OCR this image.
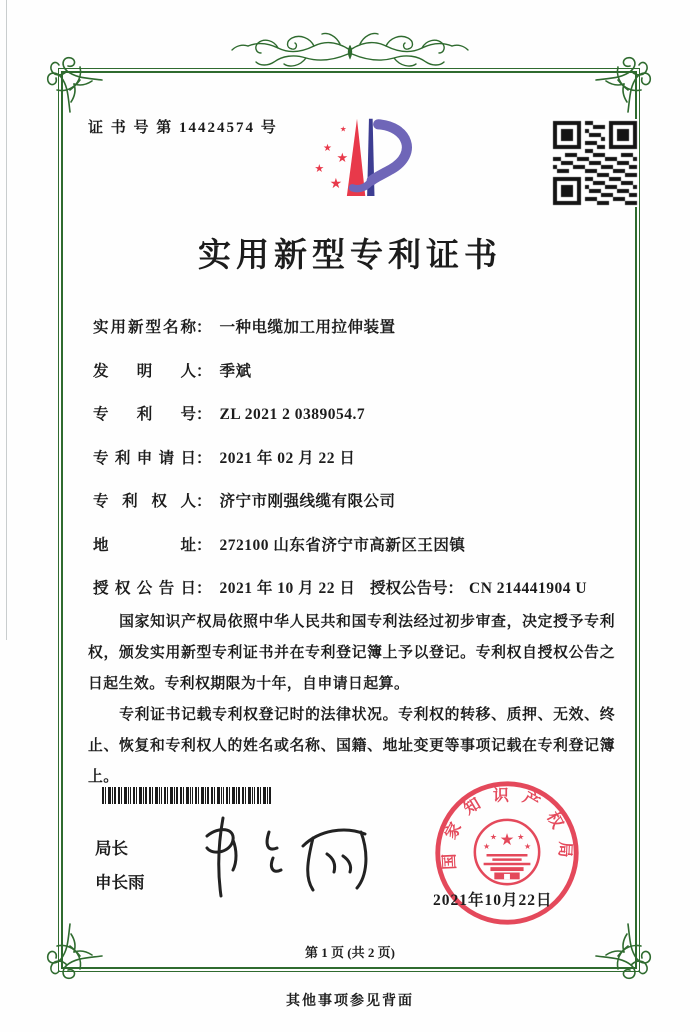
证 书 号 第 14424574 号	★
★
★
★
★
实用新型专利证书
实用新型名称： 一种电缆加工用拉伸装置
发明人： 季斌
专利号： ZL 2021 2 0389054.7
专利申请日： 2021 年 02 月 22 日
专利权人： 济宁市刚强线缆有限公司
地址： 272100 山东省济宁市高新区王因镇
授权公告日： 2021 年 10 月 22 日 授权公告号： CN 214441904 U

国家知识产权局依照中华人民共和国专利法经过初步审查，决定授予专利权，颁发实用新型专利证书并在专利登记簿上予以登记。专利权自授权公告之日起生效。专利权期限为十年，自申请日起算。

专利证书记载专利权登记时的法律状况。专利权的转移、质押、无效、终止、恢复和专利权人的姓名或名称、国籍、地址变更等事项记载在专利登记簿上。

局长
申长雨
国家知识产权局
★
★	★
★	★
2021年10月22日
第 1 页 (共 2 页)
其他事项参见背面
